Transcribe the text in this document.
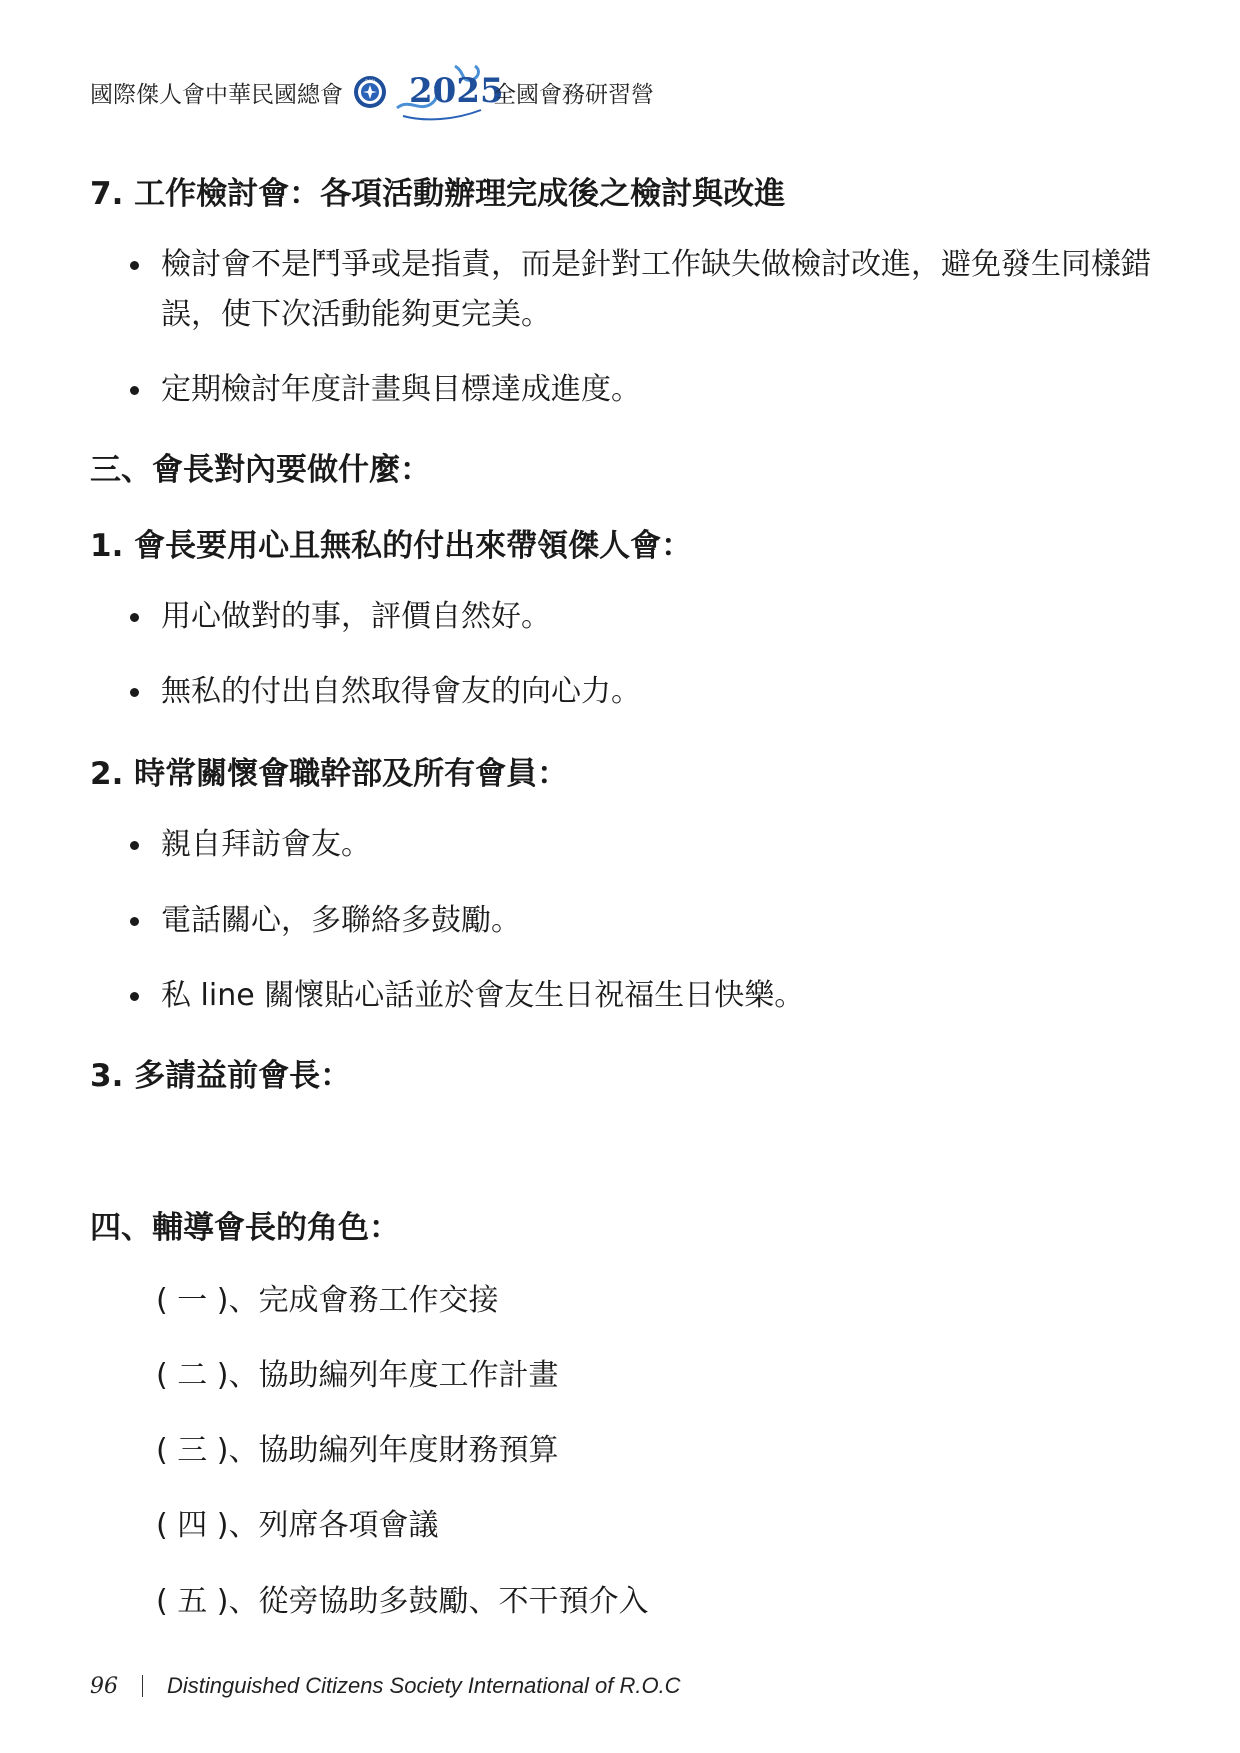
國際傑人會中華民國總會	DCSI 2025
全國會務研習營
7. 工作檢討會：各項活動辦理完成後之檢討與改進
檢討會不是鬥爭或是指責，而是針對工作缺失做檢討改進，避免發生同樣錯誤，使下次活動能夠更完美。
定期檢討年度計畫與目標達成進度。
三、會長對內要做什麼：
1. 會長要用心且無私的付出來帶領傑人會：
用心做對的事，評價自然好。
無私的付出自然取得會友的向心力。
2. 時常關懷會職幹部及所有會員：
親自拜訪會友。
電話關心，多聯絡多鼓勵。
私 line 關懷貼心話並於會友生日祝福生日快樂。
3. 多請益前會長：
四、輔導會長的角色：
( 一 )、完成會務工作交接
( 二 )、協助編列年度工作計畫
( 三 )、協助編列年度財務預算
( 四 )、列席各項會議
( 五 )、從旁協助多鼓勵、不干預介入
96 Distinguished Citizens Society International of R.O.C
